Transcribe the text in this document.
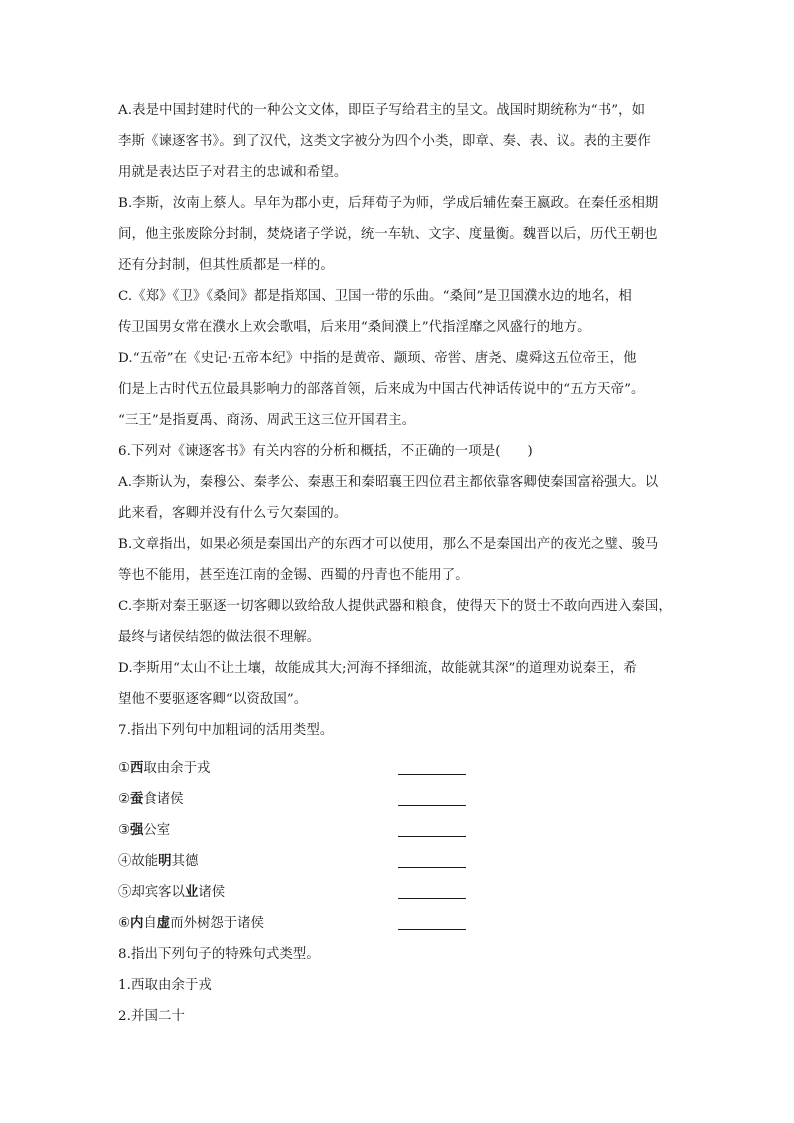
A.表是中国封建时代的一种公文文体，即臣子写给君主的呈文。战国时期统称为“书”，如
李斯《谏逐客书》。到了汉代，这类文字被分为四个小类，即章、奏、表、议。表的主要作
用就是表达臣子对君主的忠诚和希望。
B.李斯，汝南上蔡人。早年为郡小吏，后拜荀子为师，学成后辅佐秦王嬴政。在秦任丞相期
间，他主张废除分封制，焚烧诸子学说，统一车轨、文字、度量衡。魏晋以后，历代王朝也
还有分封制，但其性质都是一样的。
C.《郑》《卫》《桑间》都是指郑国、卫国一带的乐曲。“桑间”是卫国濮水边的地名，相
传卫国男女常在濮水上欢会歌唱，后来用“桑间濮上”代指淫靡之风盛行的地方。
D.“五帝”在《史记·五帝本纪》中指的是黄帝、颛顼、帝喾、唐尧、虞舜这五位帝王，他
们是上古时代五位最具影响力的部落首领，后来成为中国古代神话传说中的“五方天帝”。
“三王”是指夏禹、商汤、周武王这三位开国君主。
6.下列对《谏逐客书》有关内容的分析和概括，不正确的一项是(　　)
A.李斯认为，秦穆公、秦孝公、秦惠王和秦昭襄王四位君主都依靠客卿使秦国富裕强大。以
此来看，客卿并没有什么亏欠秦国的。
B.文章指出，如果必须是秦国出产的东西才可以使用，那么不是秦国出产的夜光之璧、骏马
等也不能用，甚至连江南的金锡、西蜀的丹青也不能用了。
C.李斯对秦王驱逐一切客卿以致给敌人提供武器和粮食，使得天下的贤士不敢向西进入秦国，
最终与诸侯结怨的做法很不理解。
D.李斯用“太山不让土壤，故能成其大;河海不择细流，故能就其深”的道理劝说秦王，希
望他不要驱逐客卿“以资敌国”。
7.指出下列句中加粗词的活用类型。
①西取由余于戎
②蚕食诸侯
③强公室
④故能明其德
⑤却宾客以业诸侯
⑥内自虚而外树怨于诸侯
8.指出下列句子的特殊句式类型。
1.西取由余于戎
2.并国二十
